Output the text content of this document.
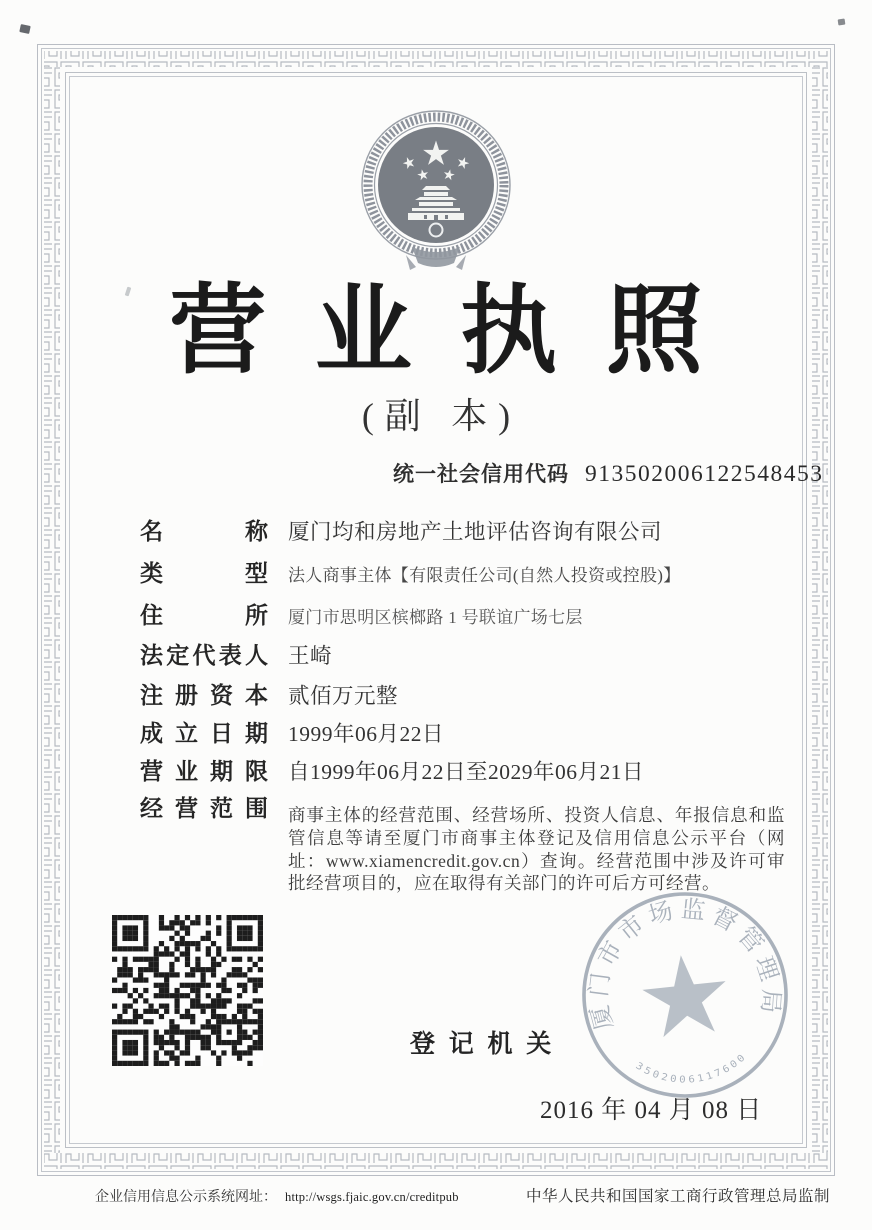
营业执照
(副 本)
统一社会信用代码 913502006122548453
名称 厦门均和房地产土地评估咨询有限公司
类型 法人商事主体【有限责任公司(自然人投资或控股)】
住所 厦门市思明区槟榔路 1 号联谊广场七层
法定代表人 王崎
注册资本 贰佰万元整
成立日期 1999年06月22日
营业期限 自1999年06月22日至2029年06月21日
经营范围 商事主体的经营范围、经营场所、投资人信息、年报信息和监管信息等请至厦门市商事主体登记及信用信息公示平台（网址：www.xiamencredit.gov.cn）查询。经营范围中涉及许可审批经营项目的，应在取得有关部门的许可后方可经营。
登记机关
厦门市市场监督管理局
3502006117600
2016 年 04 月 08 日
企业信用信息公示系统网址： http://wsgs.fjaic.gov.cn/creditpub	中华人民共和国国家工商行政管理总局监制
